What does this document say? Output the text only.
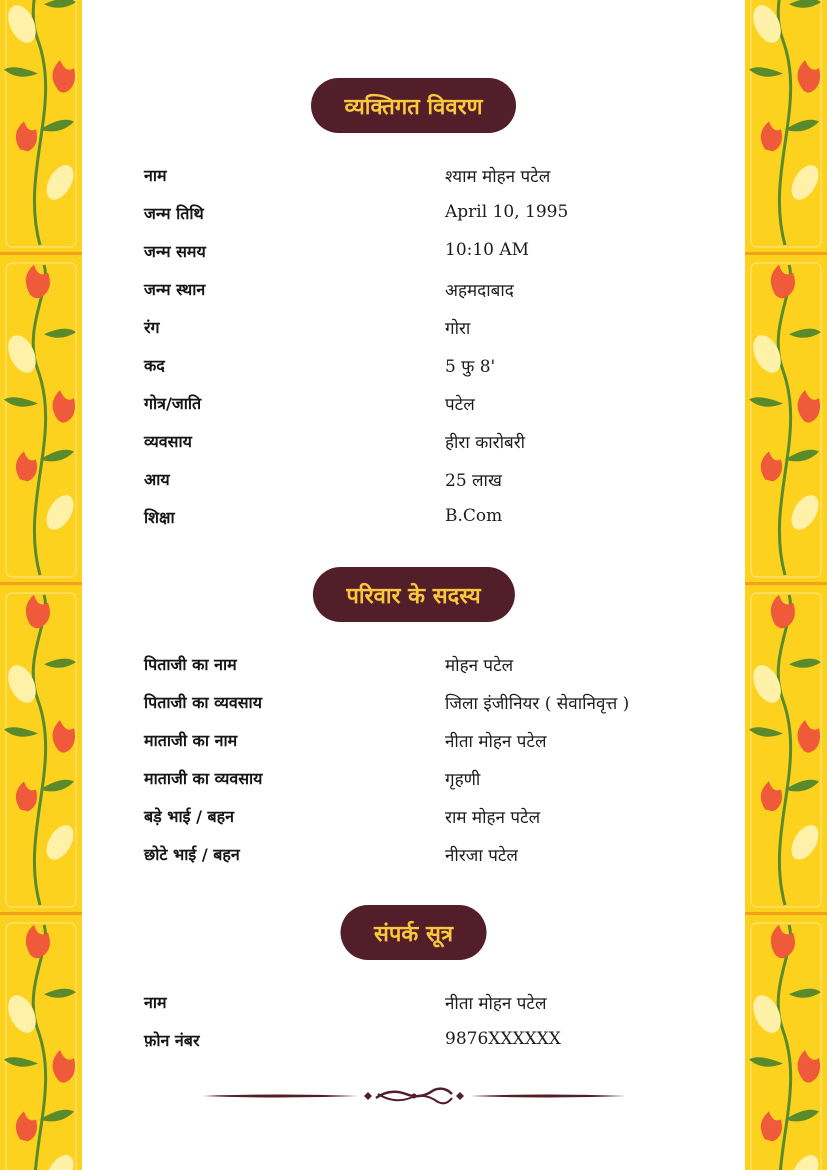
व्यक्तिगत विवरण
नाम	श्याम मोहन पटेल
जन्म तिथि	April 10, 1995
जन्म समय	10:10 AM
जन्म स्थान	अहमदाबाद
रंग	गोरा
कद	5 फु 8'
गोत्र/जाति	पटेल
व्यवसाय	हीरा कारोबरी
आय	25 लाख
शिक्षा	B.Com
परिवार के सदस्य
पिताजी का नाम	मोहन पटेल
पिताजी का व्यवसाय	जिला इंजीनियर ( सेवानिवृत्त )
माताजी का नाम	नीता मोहन पटेल
माताजी का व्यवसाय	गृहणी
बड़े भाई / बहन	राम मोहन पटेल
छोटे भाई / बहन	नीरजा पटेल
संपर्क सूत्र
नाम	नीता मोहन पटेल
फ़ोन नंबर	9876XXXXXX
